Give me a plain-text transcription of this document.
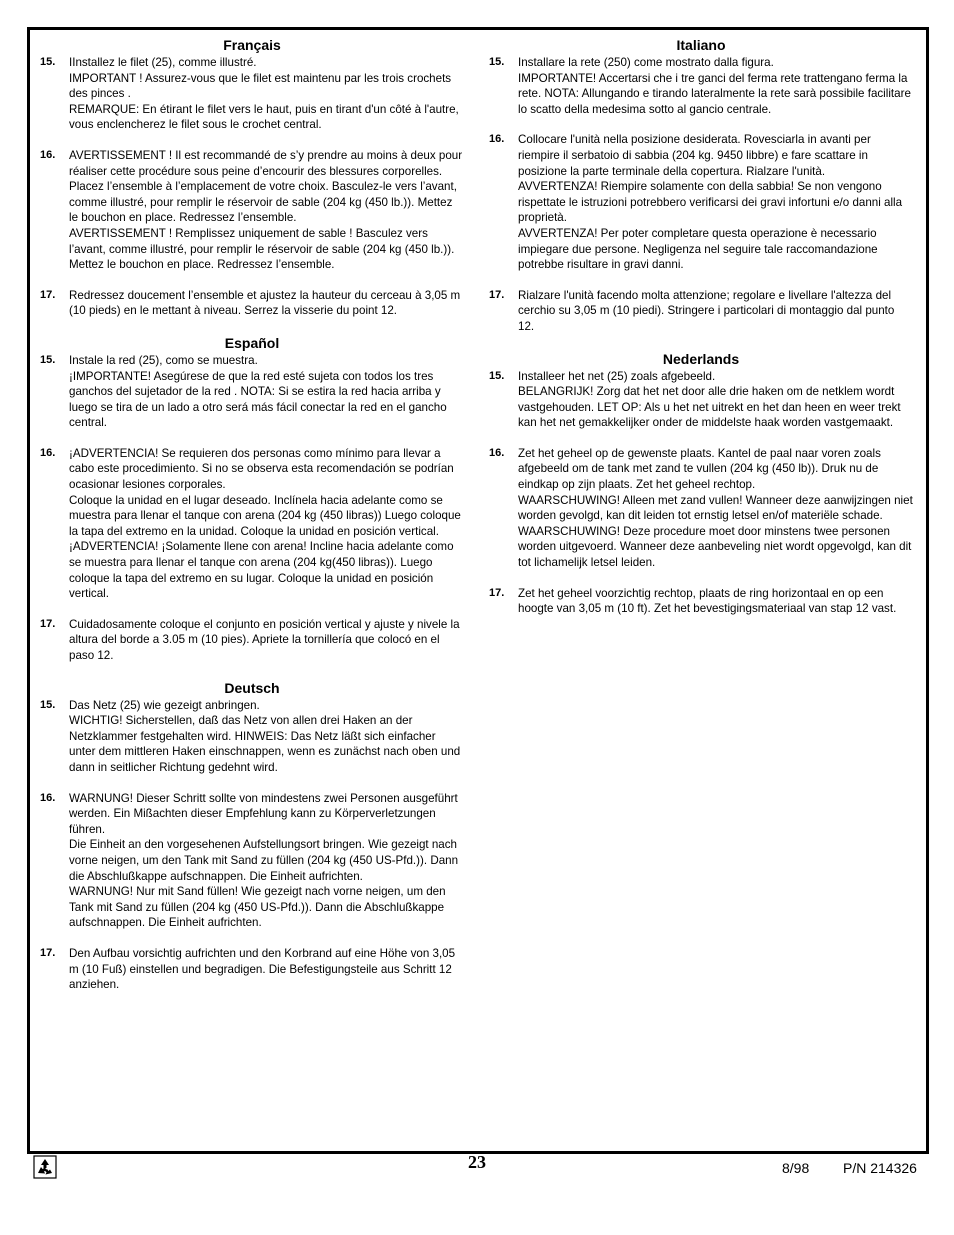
Français
15. IInstallez le filet (25), comme illustré.
IMPORTANT ! Assurez-vous que le filet est maintenu par les trois crochets des pinces .
REMARQUE: En étirant le filet vers le haut, puis en tirant d'un côté à l'autre, vous enclencherez le filet sous le crochet central.

16. AVERTISSEMENT ! Il est recommandé de s’y prendre au moins à deux pour réaliser cette procédure sous peine d’encourir des blessures corporelles.
Placez l’ensemble à l’emplacement de votre choix. Basculez-le vers l’avant, comme illustré, pour remplir le réservoir de sable (204 kg (450 lb.)). Mettez le bouchon en place. Redressez l’ensemble.
AVERTISSEMENT ! Remplissez uniquement de sable ! Basculez vers l’avant, comme illustré, pour remplir le réservoir de sable (204 kg (450 lb.)). Mettez le bouchon en place. Redressez l’ensemble.

17. Redressez doucement l’ensemble et ajustez la hauteur du cerceau à 3,05 m (10 pieds) en le mettant à niveau. Serrez la visserie du point 12.

Español
15. Instale la red (25), como se muestra.
¡IMPORTANTE! Asegúrese de que la red esté sujeta con todos los tres ganchos del sujetador de la red . NOTA: Si se estira la red hacia arriba y luego se tira de un lado a otro será más fácil conectar la red en el gancho central.

16. ¡ADVERTENCIA! Se requieren dos personas como mínimo para llevar a cabo este procedimiento. Si no se observa esta recomendación se podrían ocasionar lesiones corporales.
Coloque la unidad en el lugar deseado. Inclínela hacia adelante como se muestra para llenar el tanque con arena (204 kg (450 libras)) Luego coloque la tapa del extremo en la unidad. Coloque la unidad en posición vertical.
¡ADVERTENCIA! ¡Solamente llene con arena! Incline hacia adelante como se muestra para llenar el tanque con arena (204 kg(450 libras)). Luego coloque la tapa del extremo en su lugar. Coloque la unidad en posición vertical.

17. Cuidadosamente coloque el conjunto en posición vertical y ajuste y nivele la altura del borde a 3.05 m (10 pies). Apriete la tornillería que colocó en el paso 12.

Deutsch
15. Das Netz (25) wie gezeigt anbringen.
WICHTIG! Sicherstellen, daß das Netz von allen drei Haken an der Netzklammer festgehalten wird. HINWEIS: Das Netz läßt sich einfacher unter dem mittleren Haken einschnappen, wenn es zunächst nach oben und dann in seitlicher Richtung gedehnt wird.

16. WARNUNG! Dieser Schritt sollte von mindestens zwei Personen ausgeführt werden. Ein Mißachten dieser Empfehlung kann zu Körperverletzungen führen.
Die Einheit an den vorgesehenen Aufstellungsort bringen. Wie gezeigt nach vorne neigen, um den Tank mit Sand zu füllen (204 kg (450 US-Pfd.)). Dann die Abschlußkappe aufschnappen. Die Einheit aufrichten.
WARNUNG! Nur mit Sand füllen! Wie gezeigt nach vorne neigen, um den Tank mit Sand zu füllen (204 kg (450 US-Pfd.)). Dann die Abschlußkappe aufschnappen. Die Einheit aufrichten.

17. Den Aufbau vorsichtig aufrichten und den Korbrand auf eine Höhe von 3,05 m (10 Fuß) einstellen und begradigen. Die Befestigungsteile aus Schritt 12 anziehen.

Italiano
15. Installare la rete (250) come mostrato dalla figura.
IMPORTANTE! Accertarsi che i tre ganci del ferma rete trattengano ferma la rete. NOTA: Allungando e tirando lateralmente la rete sarà possibile facilitare lo scatto della medesima sotto al gancio centrale.

16. Collocare l'unità nella posizione desiderata. Rovesciarla in avanti per riempire il serbatoio di sabbia (204 kg. 9450 libbre) e fare scattare in posizione la parte terminale della copertura. Rialzare l'unità.
AVVERTENZA! Riempire solamente con della sabbia! Se non vengono rispettate le istruzioni potrebbero verificarsi dei gravi infortuni e/o danni alla proprietà.
AVVERTENZA! Per poter completare questa operazione è necessario impiegare due persone. Negligenza nel seguire tale raccomandazione potrebbe risultare in gravi danni.

17. Rialzare l'unità facendo molta attenzione; regolare e livellare l'altezza del cerchio su 3,05 m (10 piedi). Stringere i particolari di montaggio dal punto 12.

Nederlands
15. Installeer het net (25) zoals afgebeeld.
BELANGRIJK! Zorg dat het net door alle drie haken om de netklem wordt vastgehouden. LET OP: Als u het net uitrekt en het dan heen en weer trekt kan het net gemakkelijker onder de middelste haak worden vastgemaakt.

16. Zet het geheel op de gewenste plaats. Kantel de paal naar voren zoals afgebeeld om de tank met zand te vullen (204 kg (450 lb)). Druk nu de eindkap op zijn plaats. Zet het geheel rechtop.
WAARSCHUWING! Alleen met zand vullen! Wanneer deze aanwijzingen niet worden gevolgd, kan dit leiden tot ernstig letsel en/of materiële schade.
WAARSCHUWING! Deze procedure moet door minstens twee personen worden uitgevoerd. Wanneer deze aanbeveling niet wordt opgevolgd, kan dit tot lichamelijk letsel leiden.

17. Zet het geheel voorzichtig rechtop, plaats de ring horizontaal en op een hoogte van 3,05 m (10 ft). Zet het bevestigingsmateriaal van stap 12 vast.

23	8/98 P/N 214326
